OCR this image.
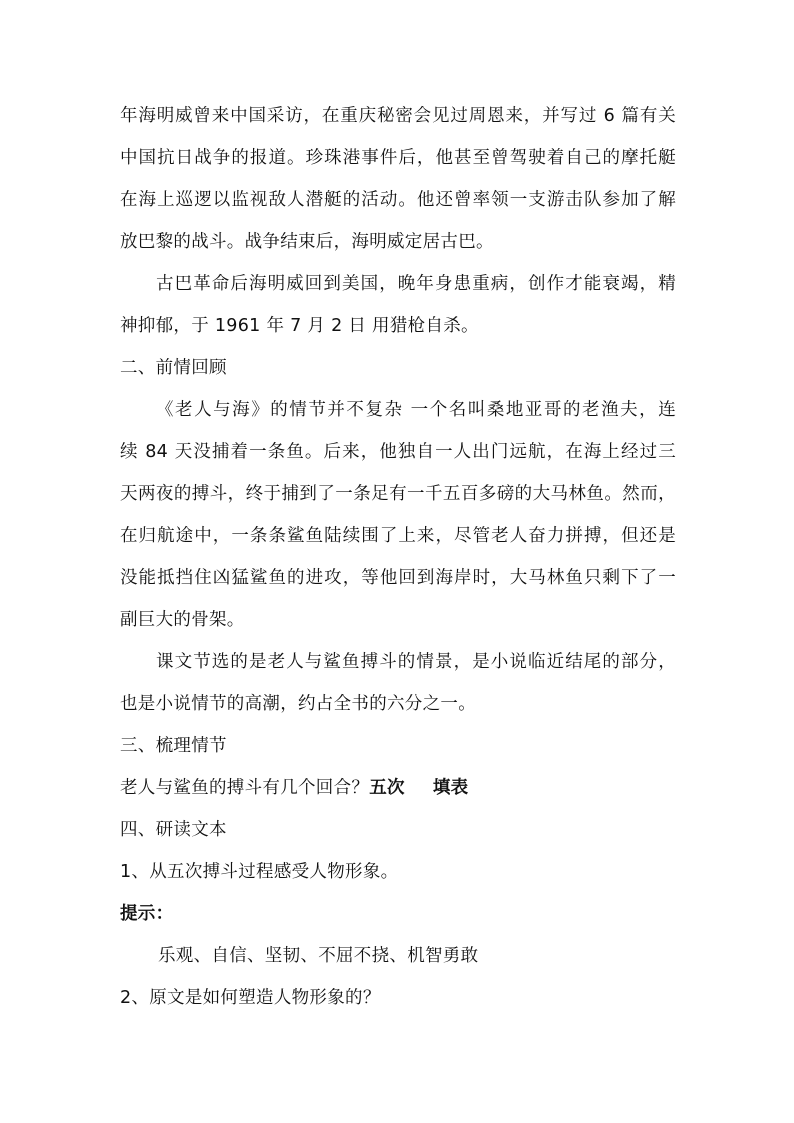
年海明威曾来中国采访，在重庆秘密会见过周恩来，并写过 6 篇有关
中国抗日战争的报道。珍珠港事件后，他甚至曾驾驶着自己的摩托艇
在海上巡逻以监视敌人潜艇的活动。他还曾率领一支游击队参加了解
放巴黎的战斗。战争结束后，海明威定居古巴。
古巴革命后海明威回到美国，晚年身患重病，创作才能衰竭，精
神抑郁，于 1961 年 7 月 2 日 用猎枪自杀。
二、前情回顾
《老人与海》的情节并不复杂 一个名叫桑地亚哥的老渔夫，连
续 84 天没捕着一条鱼。后来，他独自一人出门远航，在海上经过三
天两夜的搏斗，终于捕到了一条足有一千五百多磅的大马林鱼。然而，
在归航途中，一条条鲨鱼陆续围了上来，尽管老人奋力拼搏，但还是
没能抵挡住凶猛鲨鱼的进攻，等他回到海岸时，大马林鱼只剩下了一
副巨大的骨架。
课文节选的是老人与鲨鱼搏斗的情景，是小说临近结尾的部分，
也是小说情节的高潮，约占全书的六分之一。
三、梳理情节
老人与鲨鱼的搏斗有几个回合？五次 填表
四、研读文本
1、从五次搏斗过程感受人物形象。
提示：
乐观、自信、坚韧、不屈不挠、机智勇敢
2、原文是如何塑造人物形象的？
